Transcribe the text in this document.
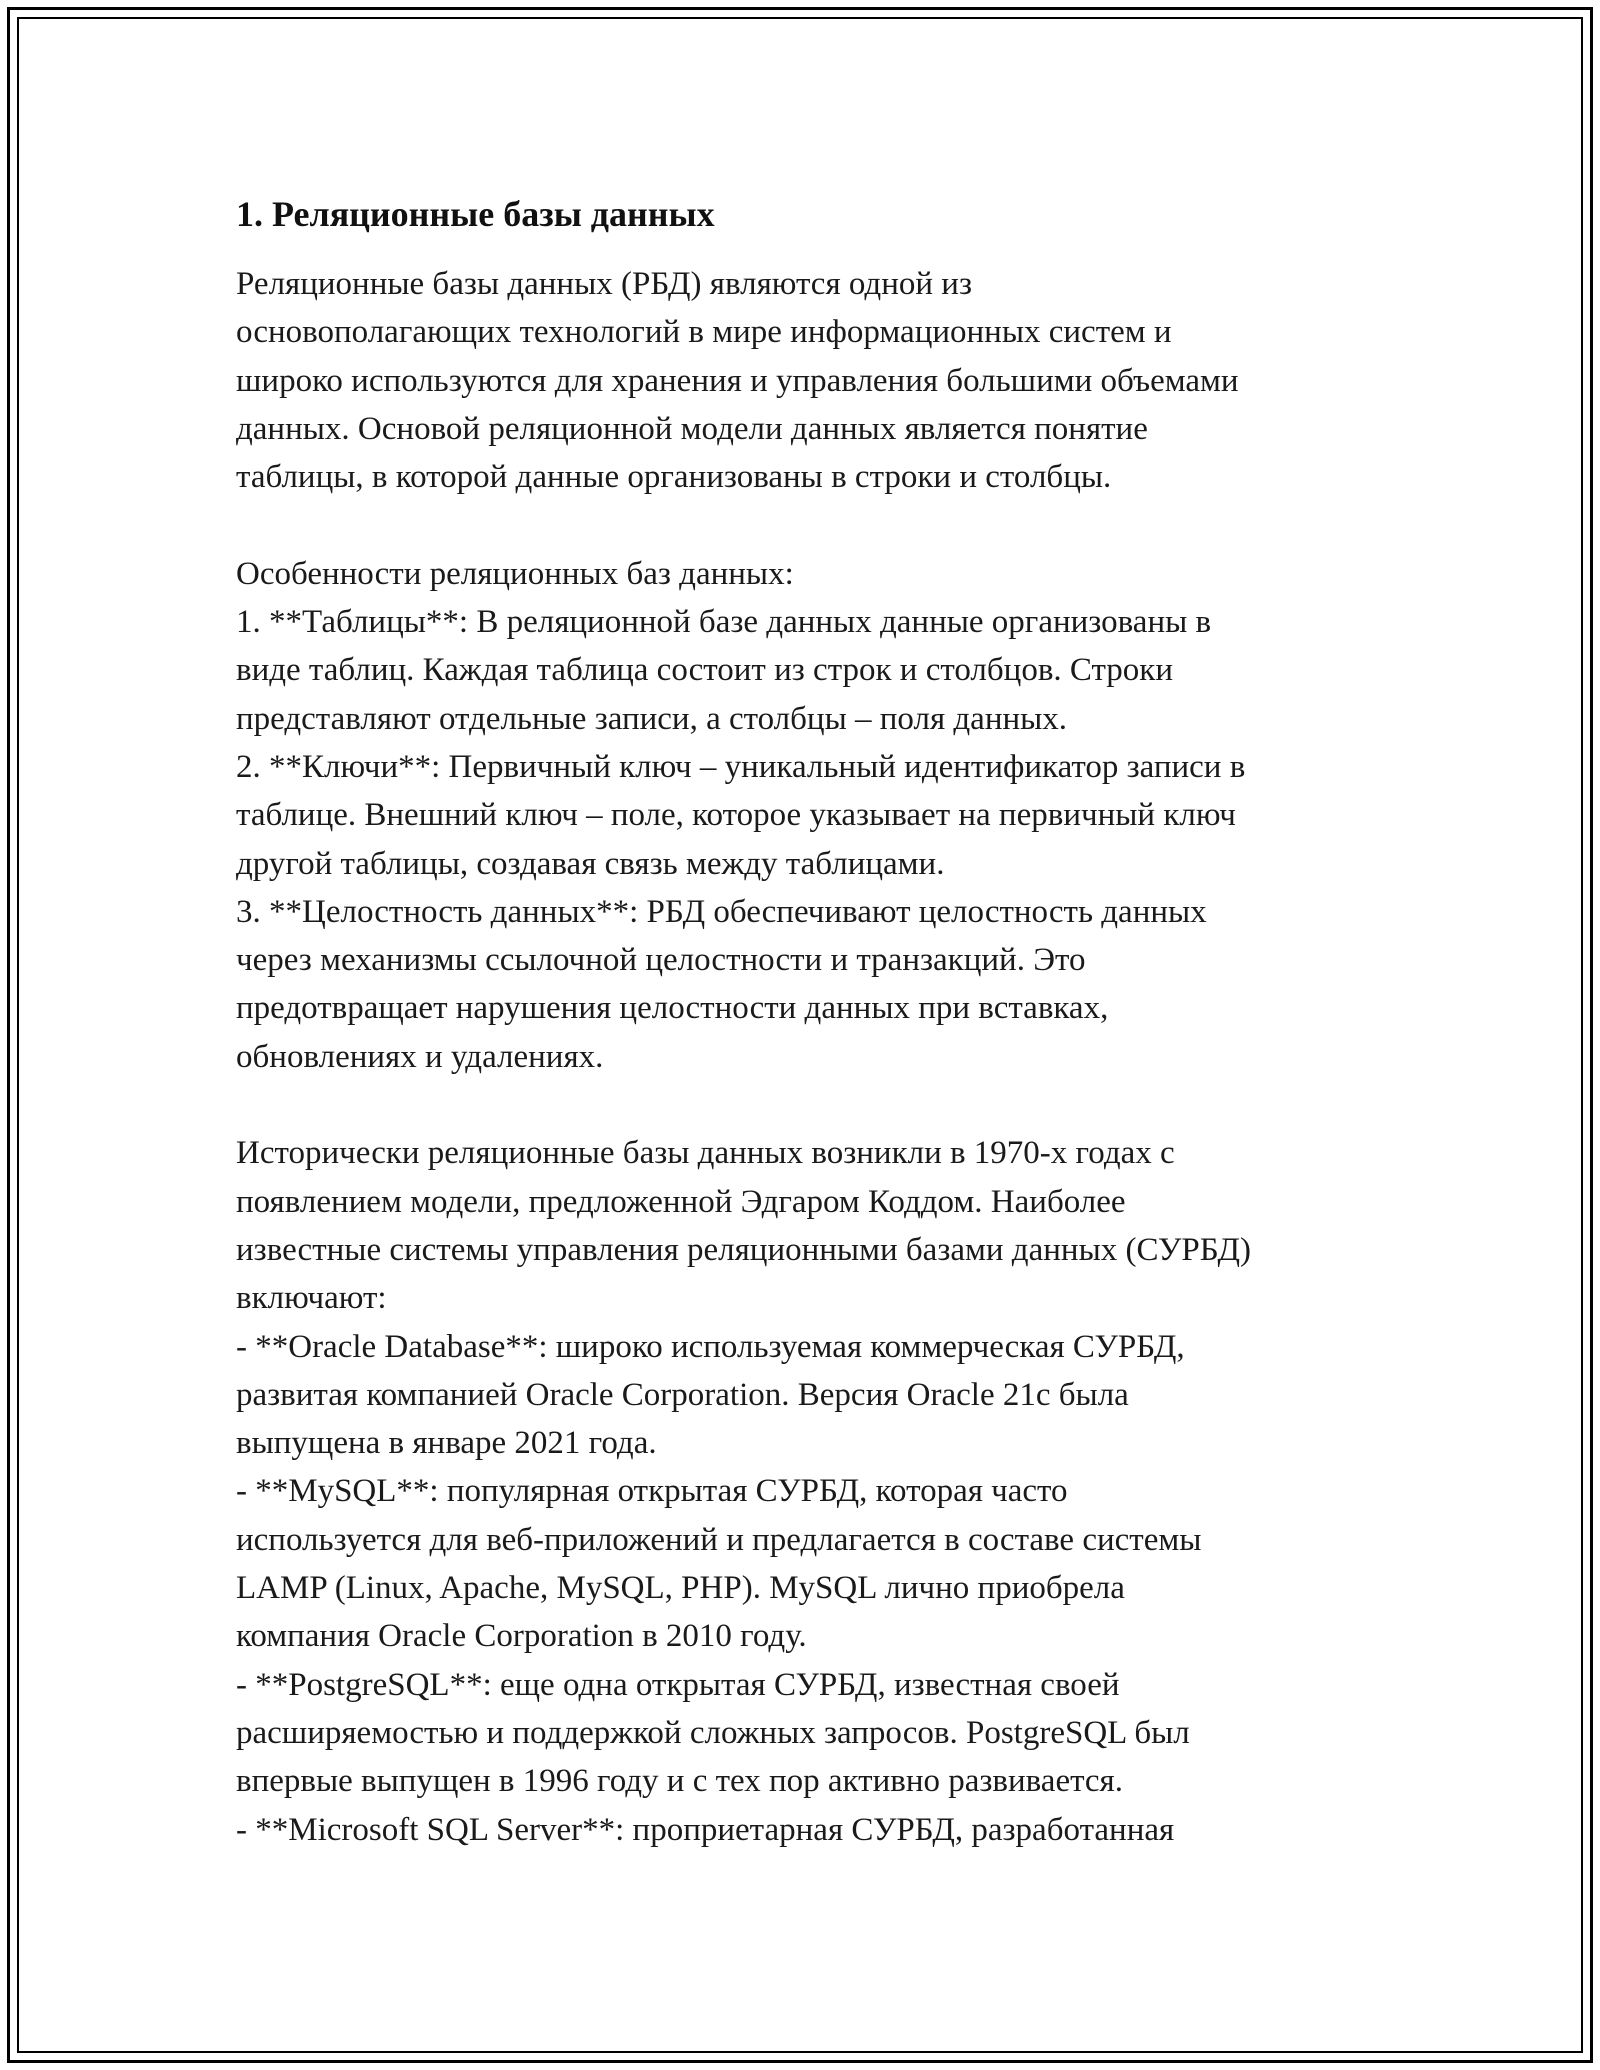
1. Реляционные базы данных

Реляционные базы данных (РБД) являются одной из
основополагающих технологий в мире информационных систем и
широко используются для хранения и управления большими объемами
данных. Основой реляционной модели данных является понятие
таблицы, в которой данные организованы в строки и столбцы.

Особенности реляционных баз данных:
1. **Таблицы**: В реляционной базе данных данные организованы в
виде таблиц. Каждая таблица состоит из строк и столбцов. Строки
представляют отдельные записи, а столбцы – поля данных.
2. **Ключи**: Первичный ключ – уникальный идентификатор записи в
таблице. Внешний ключ – поле, которое указывает на первичный ключ
другой таблицы, создавая связь между таблицами.
3. **Целостность данных**: РБД обеспечивают целостность данных
через механизмы ссылочной целостности и транзакций. Это
предотвращает нарушения целостности данных при вставках,
обновлениях и удалениях.

Исторически реляционные базы данных возникли в 1970-х годах с
появлением модели, предложенной Эдгаром Коддом. Наиболее
известные системы управления реляционными базами данных (СУРБД)
включают:
- **Oracle Database**: широко используемая коммерческая СУРБД,
развитая компанией Oracle Corporation. Версия Oracle 21c была
выпущена в январе 2021 года.
- **MySQL**: популярная открытая СУРБД, которая часто
используется для веб-приложений и предлагается в составе системы
LAMP (Linux, Apache, MySQL, PHP). MySQL лично приобрела
компания Oracle Corporation в 2010 году.
- **PostgreSQL**: еще одна открытая СУРБД, известная своей
расширяемостью и поддержкой сложных запросов. PostgreSQL был
впервые выпущен в 1996 году и с тех пор активно развивается.
- **Microsoft SQL Server**: проприетарная СУРБД, разработанная
